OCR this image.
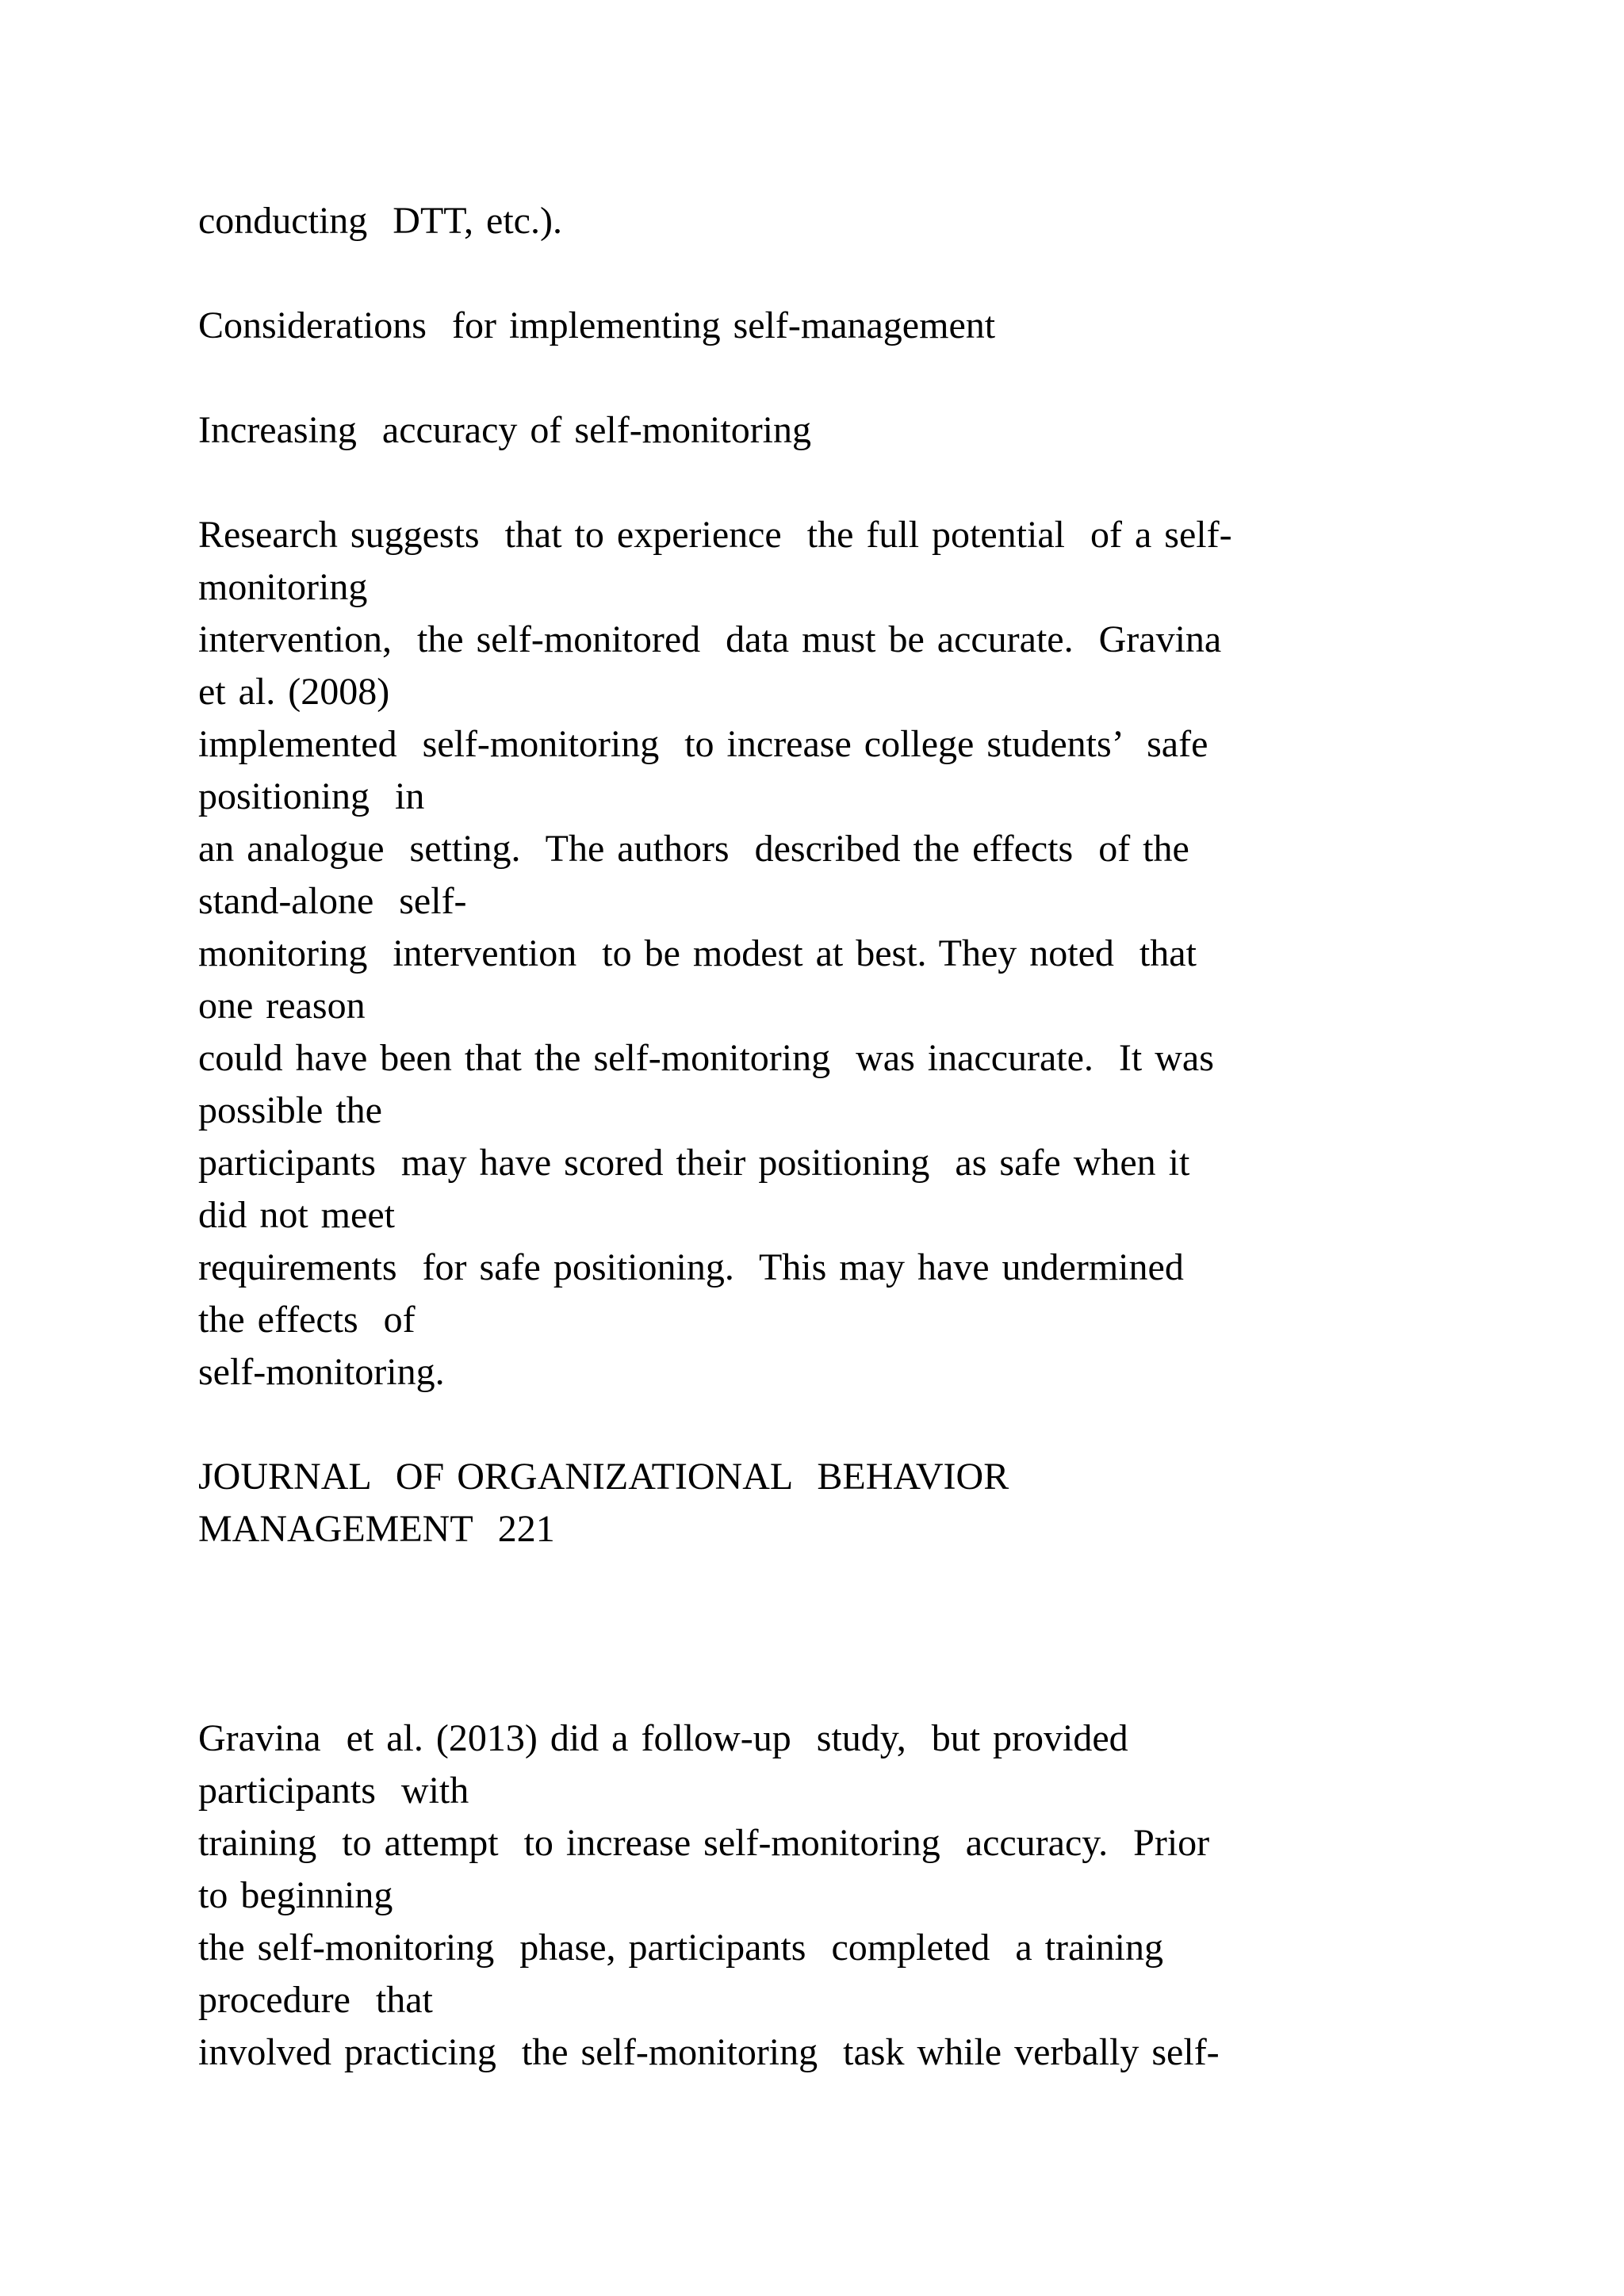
conducting  DTT, etc.).

Considerations  for implementing self-management

Increasing  accuracy of self-monitoring

Research suggests  that to experience  the full potential  of a self-

monitoring

intervention,  the self-monitored  data must be accurate.  Gravina

et al. (2008)

implemented  self-monitoring  to increase college students’  safe

positioning  in

an analogue  setting.  The authors  described the effects  of the

stand-alone  self-

monitoring  intervention  to be modest at best. They noted  that

one reason

could have been that the self-monitoring  was inaccurate.  It was

possible the

participants  may have scored their positioning  as safe when it

did not meet

requirements  for safe positioning.  This may have undermined

the effects  of

self-monitoring.

JOURNAL  OF ORGANIZATIONAL  BEHAVIOR

MANAGEMENT  221

Gravina  et al. (2013) did a follow-up  study,  but provided

participants  with

training  to attempt  to increase self-monitoring  accuracy.  Prior

to beginning

the self-monitoring  phase, participants  completed  a training

procedure  that

involved practicing  the self-monitoring  task while verbally self-
